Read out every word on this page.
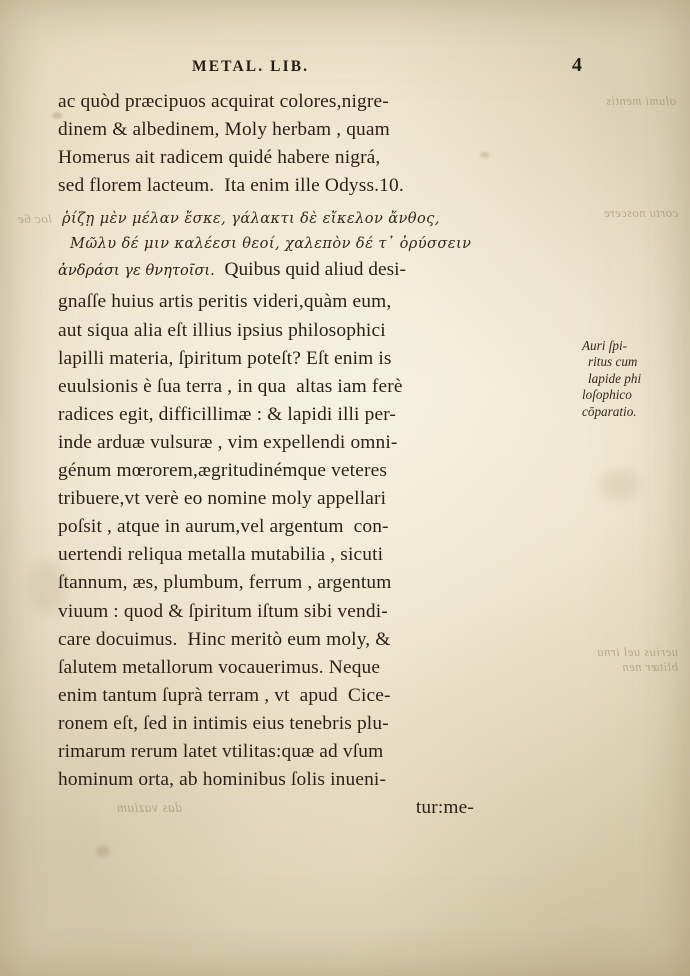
olumi mentis
cortu noscere
uerius uel irnu blitær nen
das vazium
loc 6e
METAL. LIB.	4
ac quòd præcipuos acquirat colores,nigre-
dinem & albedinem, Moly herbam , quam
Homerus ait radicem quidé habere nigrá,
sed florem lacteum.  Ita enim ille Odyss.10.
ῥίζῃ μὲν μέλαν ἔσκε, γάλακτι δὲ εἴκελον ἄνθος,
Μῶλυ δέ μιν καλέεσι θεοί, χαλεπὸν δέ τ᾽ ὀρύσσειν
ἀνδράσι γε θνητοῖσι.  Quibus quid aliud desi-
gnaſſe huius artis peritis videri,quàm eum,
aut siqua alia eſt illius ipsius philosophici
lapilli materia, ſpiritum poteſt? Eſt enim is
euulsionis è ſua terra , in qua  altas iam ferè
radices egit, difficillimæ : & lapidi illi per-
inde arduæ vulsuræ , vim expellendi omni-
génum mœrorem,ægritudinémque veteres
tribuere,vt verè eo nomine moly appellari
poſsit , atque in aurum,vel argentum  con-
uertendi reliqua metalla mutabilia , sicuti
ſtannum, æs, plumbum, ferrum , argentum
viuum : quod & ſpiritum iſtum sibi vendi-
care docuimus.  Hinc meritò eum moly, &
ſalutem metallorum vocauerimus. Neque
enim tantum ſuprà terram , vt  apud  Cice-
ronem eſt, ſed in intimis eius tenebris plu-
rimarum rerum latet vtilitas:quæ ad vſum
hominum orta, ab hominibus ſolis inueni-
tur:me-
Auri ſpi-
ritus cum
lapide phi
loſophico
cōparatio.
